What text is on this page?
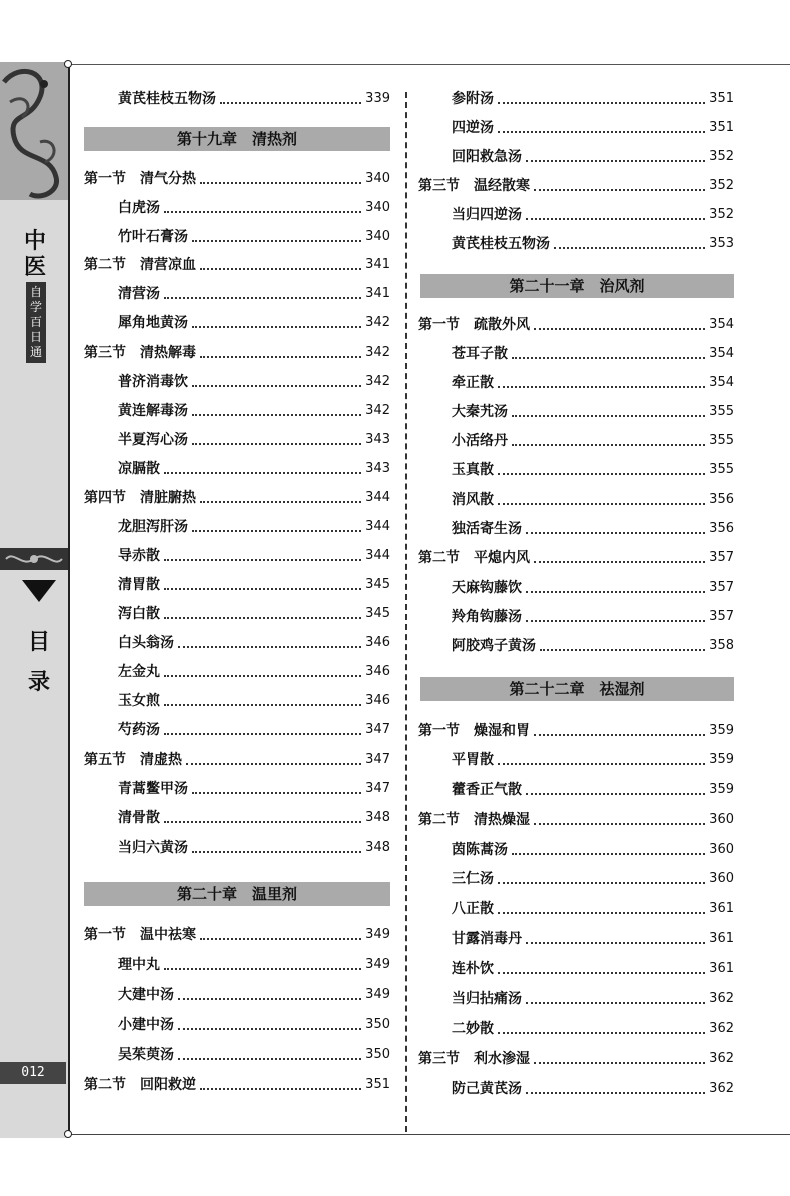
中医
自学百日通
目录
012
黄芪桂枝五物汤	339
第十九章　清热剂
第一节　清气分热	340
白虎汤	340
竹叶石膏汤	340
第二节　清营凉血	341
清营汤	341
犀角地黄汤	342
第三节　清热解毒	342
普济消毒饮	342
黄连解毒汤	342
半夏泻心汤	343
凉膈散	343
第四节　清脏腑热	344
龙胆泻肝汤	344
导赤散	344
清胃散	345
泻白散	345
白头翁汤	346
左金丸	346
玉女煎	346
芍药汤	347
第五节　清虚热	347
青蒿鳖甲汤	347
清骨散	348
当归六黄汤	348
第二十章　温里剂
第一节　温中祛寒	349
理中丸	349
大建中汤	349
小建中汤	350
吴茱萸汤	350
第二节　回阳救逆	351
参附汤	351
四逆汤	351
回阳救急汤	352
第三节　温经散寒	352
当归四逆汤	352
黄芪桂枝五物汤	353
第二十一章　治风剂
第一节　疏散外风	354
苍耳子散	354
牵正散	354
大秦艽汤	355
小活络丹	355
玉真散	355
消风散	356
独活寄生汤	356
第二节　平熄内风	357
天麻钩藤饮	357
羚角钩藤汤	357
阿胶鸡子黄汤	358
第二十二章　祛湿剂
第一节　燥湿和胃	359
平胃散	359
藿香正气散	359
第二节　清热燥湿	360
茵陈蒿汤	360
三仁汤	360
八正散	361
甘露消毒丹	361
连朴饮	361
当归拈痛汤	362
二妙散	362
第三节　利水渗湿	362
防己黄芪汤	362
